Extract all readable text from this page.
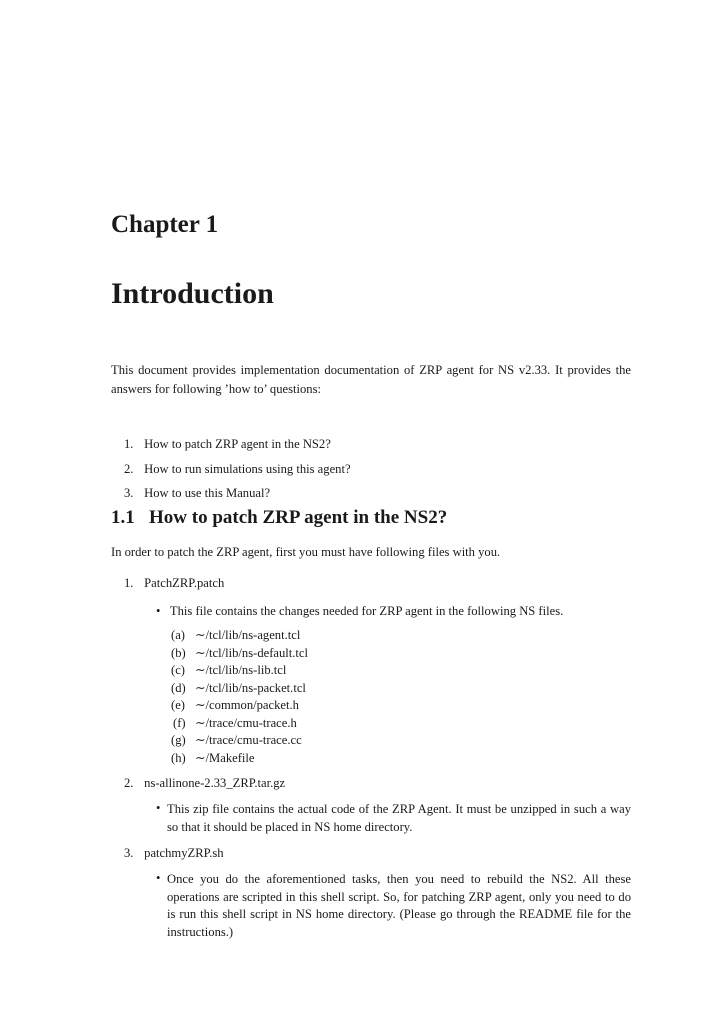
Chapter 1
Introduction
This document provides implementation documentation of ZRP agent for NS v2.33. It provides the answers for following ’how to’ questions:
1. How to patch ZRP agent in the NS2?
2. How to run simulations using this agent?
3. How to use this Manual?
1.1 How to patch ZRP agent in the NS2?
In order to patch the ZRP agent, first you must have following files with you.
1. PatchZRP.patch
• This file contains the changes needed for ZRP agent in the following NS files.
(a) ∼/tcl/lib/ns-agent.tcl
(b) ∼/tcl/lib/ns-default.tcl
(c) ∼/tcl/lib/ns-lib.tcl
(d) ∼/tcl/lib/ns-packet.tcl
(e) ∼/common/packet.h
(f) ∼/trace/cmu-trace.h
(g) ∼/trace/cmu-trace.cc
(h) ∼/Makefile
2. ns-allinone-2.33_ZRP.tar.gz
• This zip file contains the actual code of the ZRP Agent. It must be unzipped in such a way so that it should be placed in NS home directory.
3. patchmyZRP.sh
• Once you do the aforementioned tasks, then you need to rebuild the NS2. All these operations are scripted in this shell script. So, for patching ZRP agent, only you need to do is run this shell script in NS home directory. (Please go through the README file for the instructions.)
